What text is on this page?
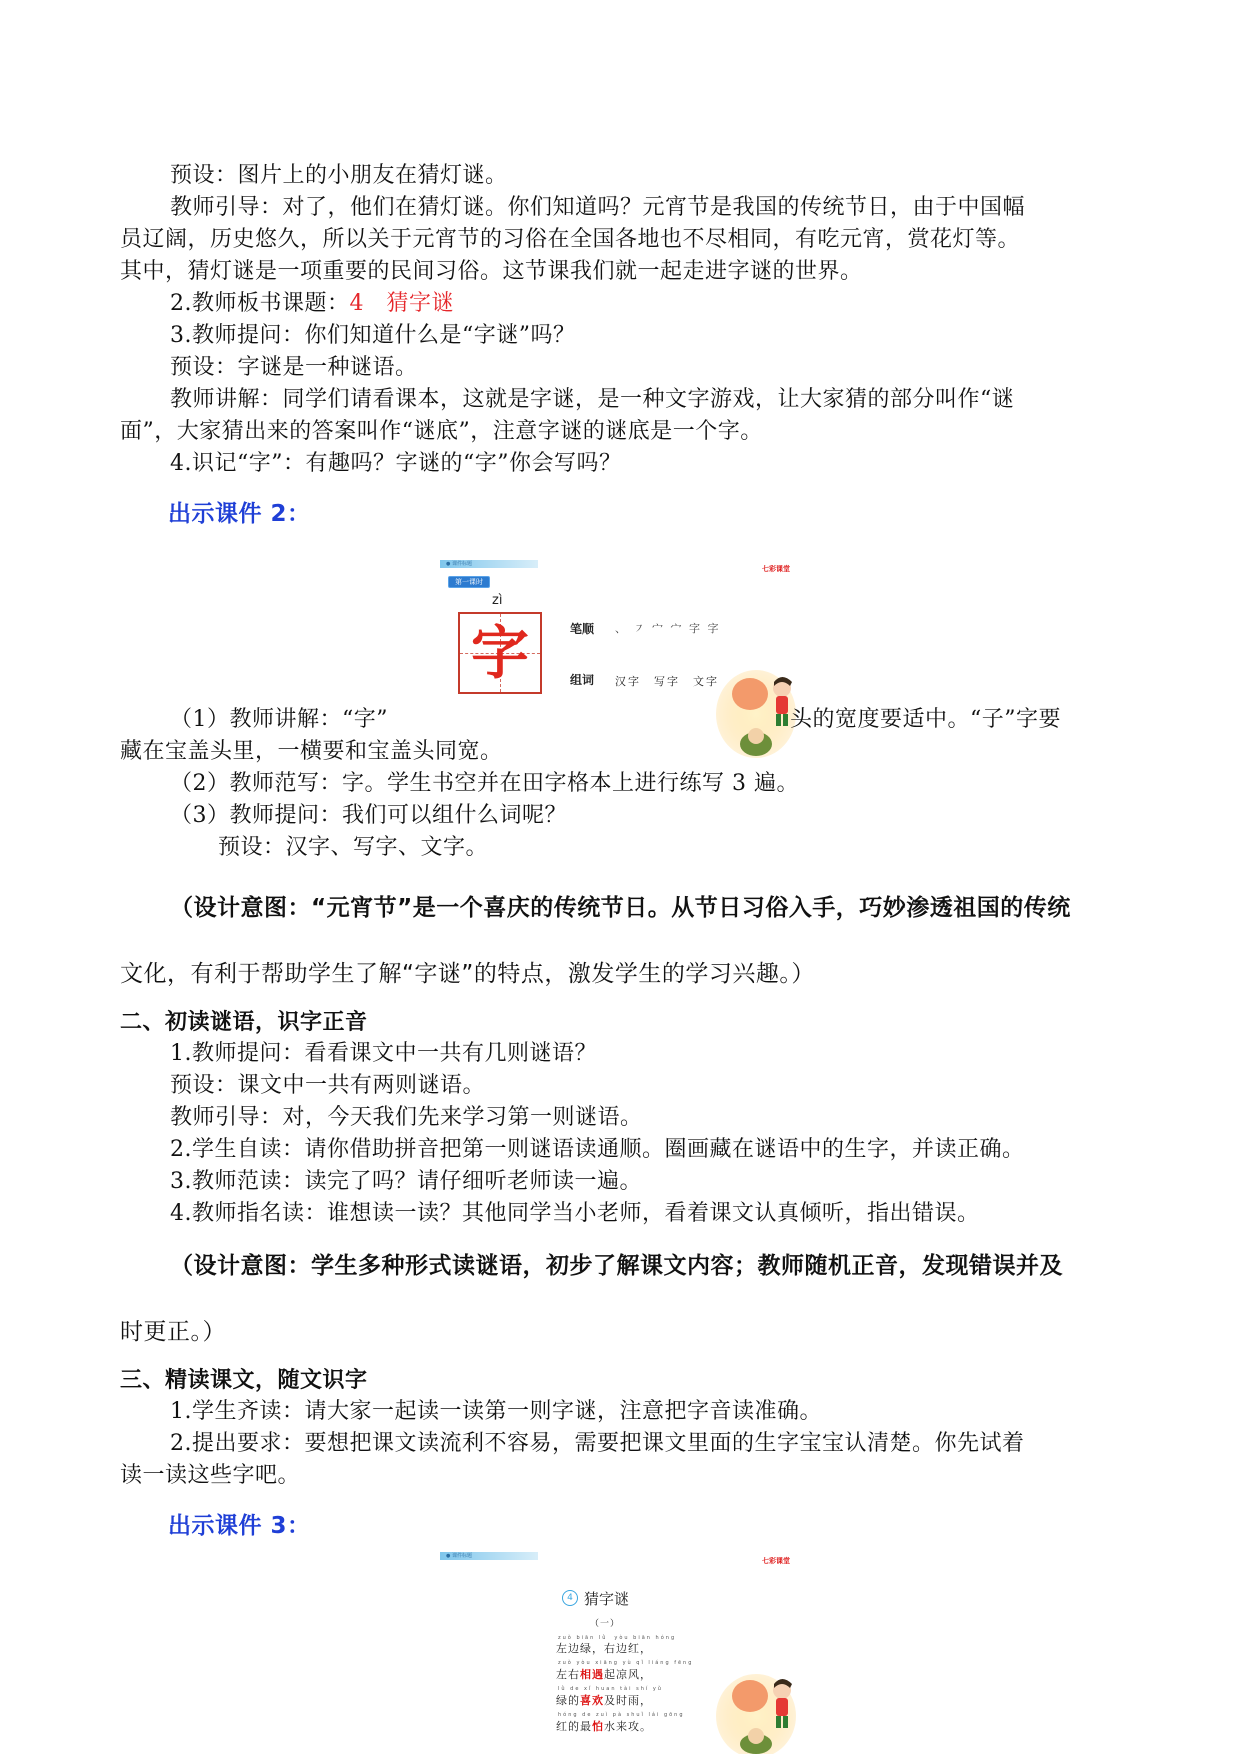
预设：图片上的小朋友在猜灯谜。
教师引导：对了，他们在猜灯谜。你们知道吗？元宵节是我国的传统节日，由于中国幅
员辽阔，历史悠久，所以关于元宵节的习俗在全国各地也不尽相同，有吃元宵，赏花灯等。
其中，猜灯谜是一项重要的民间习俗。这节课我们就一起走进字谜的世界。
2.教师板书课题：4　猜字谜
3.教师提问：你们知道什么是“字谜”吗？
预设：字谜是一种谜语。
教师讲解：同学们请看课本，这就是字谜，是一种文字游戏，让大家猜的部分叫作“谜
面”，大家猜出来的答案叫作“谜底”，注意字谜的谜底是一个字。
4.识记“字”：有趣吗？字谜的“字”你会写吗？
出示课件 2：
● 课件标题
七彩课堂
第一课时
zì
字	笔顺 、 ㇇ 宀 宀 字 字
组词 汉字　写字　文字
（1）教师讲解：“字”	头的宽度要适中。“子”字要
藏在宝盖头里，一横要和宝盖头同宽。
（2）教师范写：字。学生书空并在田字格本上进行练写 3 遍。
（3）教师提问：我们可以组什么词呢？
预设：汉字、写字、文字。
（设计意图：“元宵节”是一个喜庆的传统节日。从节日习俗入手，巧妙渗透祖国的传统
文化，有利于帮助学生了解“字谜”的特点，激发学生的学习兴趣。）
二、初读谜语，识字正音
1.教师提问：看看课文中一共有几则谜语？
预设：课文中一共有两则谜语。
教师引导：对，今天我们先来学习第一则谜语。
2.学生自读：请你借助拼音把第一则谜语读通顺。圈画藏在谜语中的生字，并读正确。
3.教师范读：读完了吗？请仔细听老师读一遍。
4.教师指名读：谁想读一读？其他同学当小老师，看着课文认真倾听，指出错误。
（设计意图：学生多种形式读谜语，初步了解课文内容；教师随机正音，发现错误并及
时更正。）
三、精读课文，随文识字
1.学生齐读：请大家一起读一读第一则字谜，注意把字音读准确。
2.提出要求：要想把课文读流利不容易，需要把课文里面的生字宝宝认清楚。你先试着
读一读这些字吧。
出示课件 3：
● 课件标题
七彩课堂
4 猜字谜
（一）
zuǒ biān lǜ　yòu biān hóng
左边绿，右边红，
zuǒ yòu xiāng yù qǐ liáng fēng
左右相遇起凉风，
lǜ de xǐ huan tài shí yǔ
绿的喜欢及时雨，
hóng de zuì pà shuǐ lái gōng
红的最怕水来攻。
